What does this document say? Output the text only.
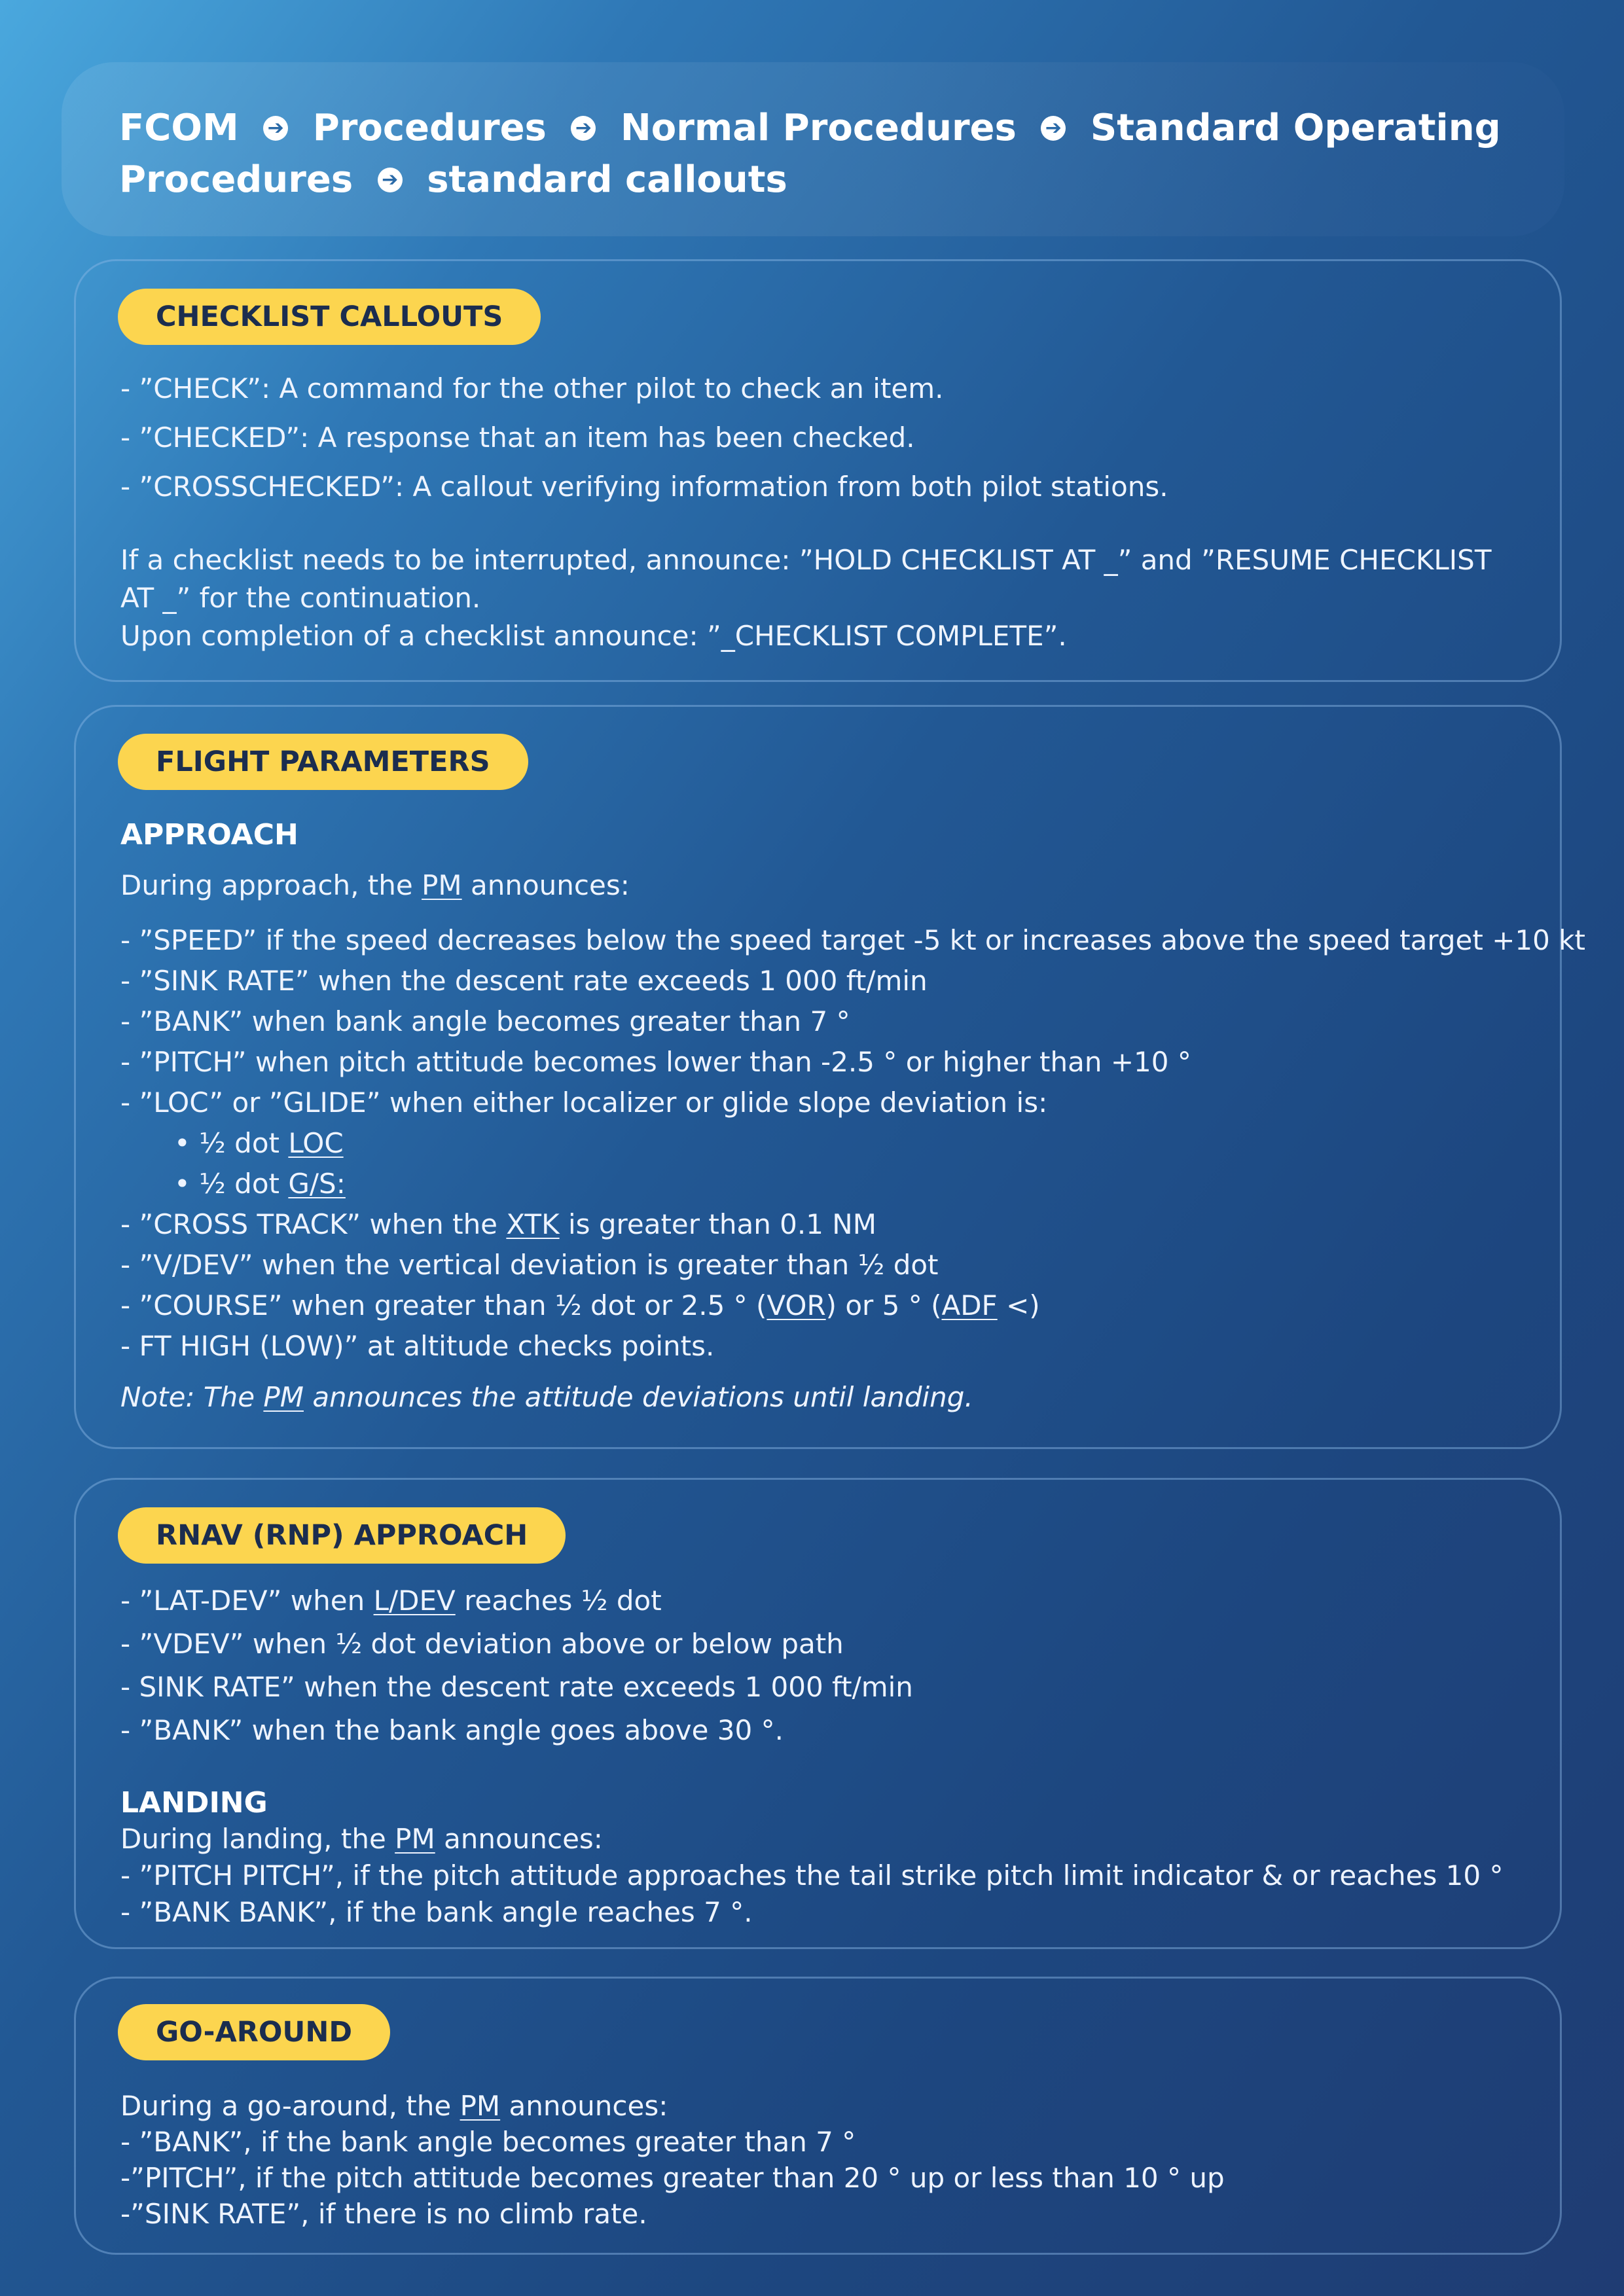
FCOM ➔ Procedures ➔ Normal Procedures ➔ Standard Operating Procedures ➔ standard callouts
CHECKLIST CALLOUTS
- ”CHECK”: A command for the other pilot to check an item.
- ”CHECKED”: A response that an item has been checked.
- ”CROSSCHECKED”: A callout verifying information from both pilot stations.
If a checklist needs to be interrupted, announce: ”HOLD CHECKLIST AT _” and ”RESUME CHECKLIST
AT _” for the continuation.
Upon completion of a checklist announce: ”_CHECKLIST COMPLETE”.
FLIGHT PARAMETERS
APPROACH
During approach, the PM announces:
- ”SPEED” if the speed decreases below the speed target -5 kt or increases above the speed target +10 kt
- ”SINK RATE” when the descent rate exceeds 1 000 ft/min
- ”BANK” when bank angle becomes greater than 7 °
- ”PITCH” when pitch attitude becomes lower than -2.5 ° or higher than +10 °
- ”LOC” or ”GLIDE” when either localizer or glide slope deviation is:
• ½ dot LOC
• ½ dot G/S:
- ”CROSS TRACK” when the XTK is greater than 0.1 NM
- ”V/DEV” when the vertical deviation is greater than ½ dot
- ”COURSE” when greater than ½ dot or 2.5 ° (VOR) or 5 ° (ADF <)
- FT HIGH (LOW)” at altitude checks points.
Note: The PM announces the attitude deviations until landing.
RNAV (RNP) APPROACH
- ”LAT-DEV” when L/DEV reaches ½ dot
- ”VDEV” when ½ dot deviation above or below path
- SINK RATE” when the descent rate exceeds 1 000 ft/min
- ”BANK” when the bank angle goes above 30 °.
LANDING
During landing, the PM announces:
- ”PITCH PITCH”, if the pitch attitude approaches the tail strike pitch limit indicator & or reaches 10 °
- ”BANK BANK”, if the bank angle reaches 7 °.
GO-AROUND
During a go-around, the PM announces:
- ”BANK”, if the bank angle becomes greater than 7 °
-”PITCH”, if the pitch attitude becomes greater than 20 ° up or less than 10 ° up
-”SINK RATE”, if there is no climb rate.
